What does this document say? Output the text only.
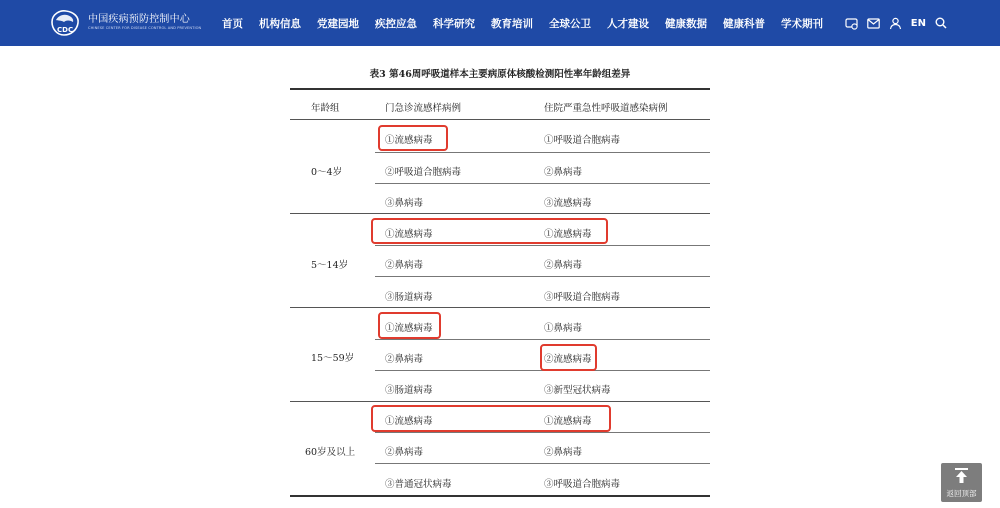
CDC
中国疾病预防控制中心
CHINESE CENTER FOR DISEASE CONTROL AND PREVENTION 首页 机构信息 党建园地 疾控应急 科学研究 教育培训 全球公卫 人才建设 健康数据 健康科普 学术期刊	EN
表3 第46周呼吸道样本主要病原体核酸检测阳性率年龄组差异
年龄组	门急诊流感样病例	住院严重急性呼吸道感染病例
0～4岁
①流感病毒	①呼吸道合胞病毒
②呼吸道合胞病毒	②鼻病毒
③鼻病毒	③流感病毒
5～14岁
①流感病毒	①流感病毒
②鼻病毒	②鼻病毒
③肠道病毒	③呼吸道合胞病毒
15～59岁
①流感病毒	①鼻病毒
②鼻病毒	②流感病毒
③肠道病毒	③新型冠状病毒
60岁及以上
①流感病毒	①流感病毒
②鼻病毒	②鼻病毒
③普通冠状病毒	③呼吸道合胞病毒
返回顶部
